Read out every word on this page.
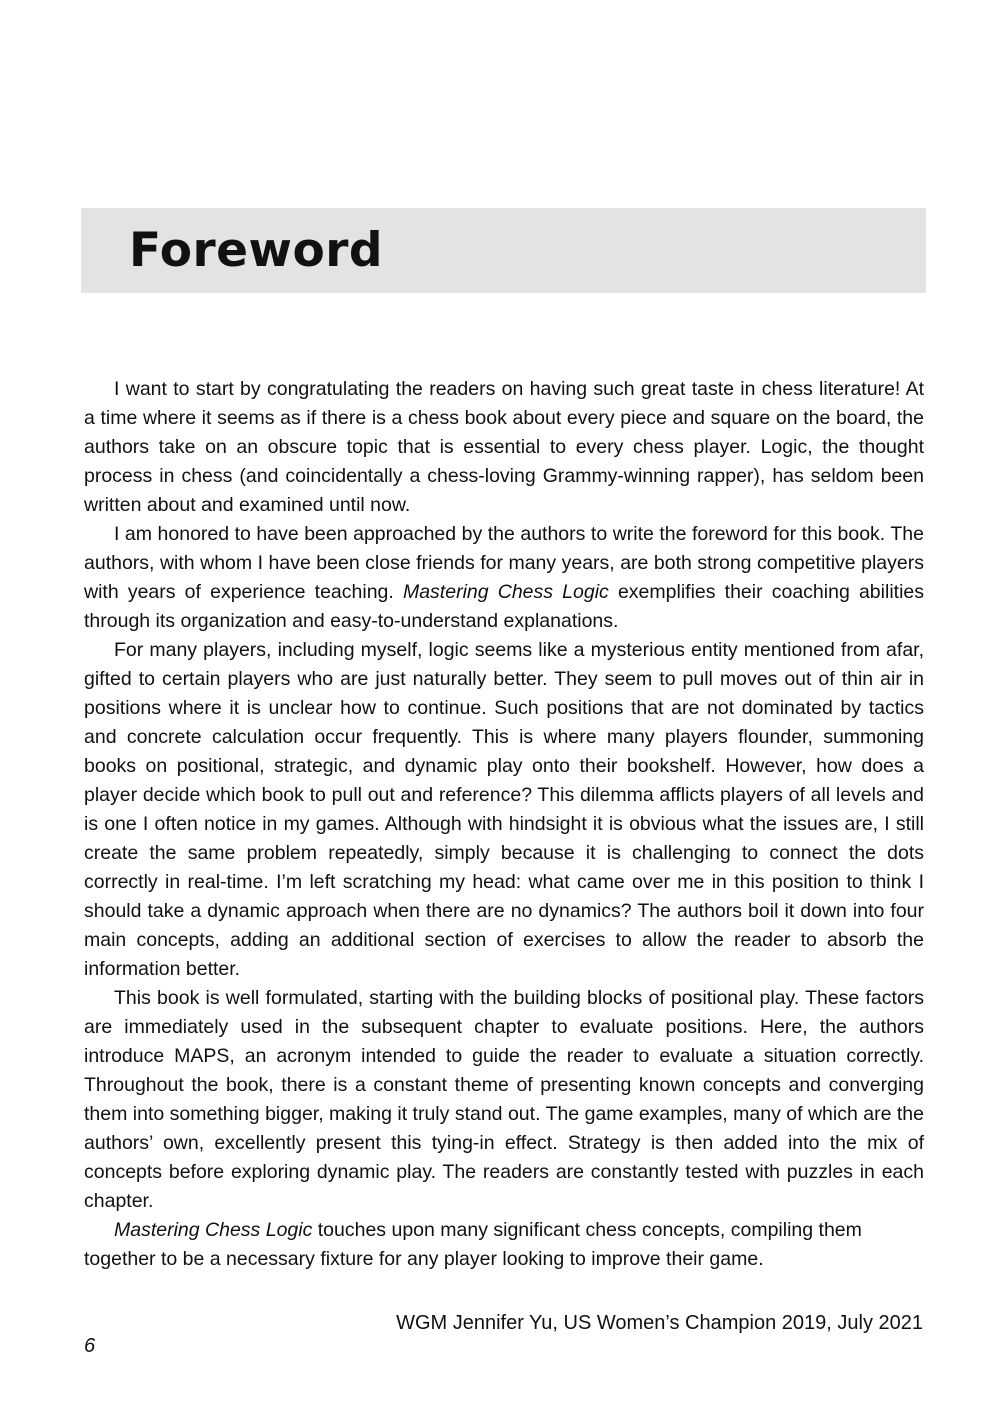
Foreword

I want to start by congratulating the readers on having such great taste in chess literature! At a time where it seems as if there is a chess book about every piece and square on the board, the authors take on an obscure topic that is essential to every chess player. Logic, the thought process in chess (and coincidentally a chess-loving Grammy-winning rapper), has seldom been written about and examined until now.

I am honored to have been approached by the authors to write the foreword for this book. The authors, with whom I have been close friends for many years, are both strong competitive players with years of experience teaching. Mastering Chess Logic exemplifies their coaching abilities through its organization and easy-to-understand explanations.

For many players, including myself, logic seems like a mysterious entity mentioned from afar, gifted to certain players who are just naturally better. They seem to pull moves out of thin air in positions where it is unclear how to continue. Such positions that are not dominated by tactics and concrete calculation occur frequently. This is where many players flounder, summoning books on positional, strategic, and dynamic play onto their bookshelf. However, how does a player decide which book to pull out and reference? This dilemma afflicts players of all levels and is one I often notice in my games. Although with hindsight it is obvious what the issues are, I still create the same problem repeatedly, simply because it is challenging to connect the dots correctly in real-time. I’m left scratching my head: what came over me in this position to think I should take a dynamic approach when there are no dynamics? The authors boil it down into four main concepts, adding an additional section of exercises to allow the reader to absorb the information better.

This book is well formulated, starting with the building blocks of positional play. These factors are immediately used in the subsequent chapter to evaluate positions. Here, the authors introduce MAPS, an acronym intended to guide the reader to evaluate a situation correctly. Throughout the book, there is a constant theme of presenting known concepts and converging them into something bigger, making it truly stand out. The game examples, many of which are the authors’ own, excellently present this tying-in effect. Strategy is then added into the mix of concepts before exploring dynamic play. The readers are constantly tested with puzzles in each chapter.

Mastering Chess Logic touches upon many significant chess concepts, compiling them together to be a necessary fixture for any player looking to improve their game.

WGM Jennifer Yu, US Women’s Champion 2019, July 2021
6
